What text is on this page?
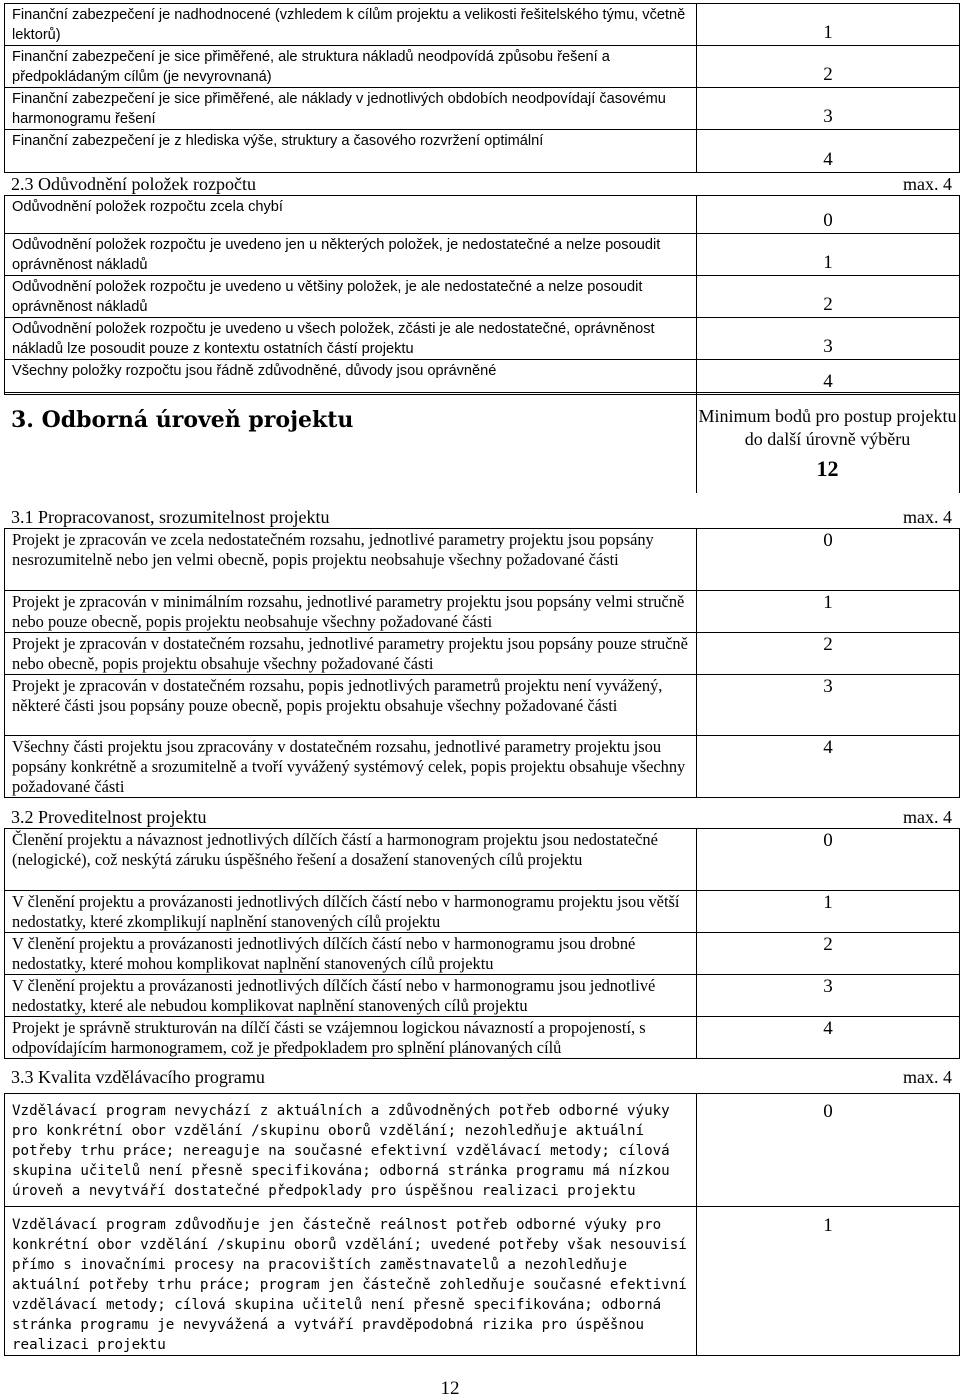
Finanční zabezpečení je nadhodnocené (vzhledem k cílům projektu a velikosti řešitelského týmu, včetně lektorů)	1
Finanční zabezpečení je sice přiměřené, ale struktura nákladů neodpovídá způsobu řešení a předpokládaným cílům (je nevyrovnaná)	2
Finanční zabezpečení je sice přiměřené, ale náklady v jednotlivých obdobích neodpovídají časovému harmonogramu řešení	3
Finanční zabezpečení je z hlediska výše, struktury a časového rozvržení optimální	4
2.3 Odůvodnění položek rozpočtu	max. 4
Odůvodnění položek rozpočtu zcela chybí	0
Odůvodnění položek rozpočtu je uvedeno jen u některých položek, je nedostatečné a nelze posoudit oprávněnost nákladů	1
Odůvodnění položek rozpočtu je uvedeno u většiny položek, je ale nedostatečné a nelze posoudit oprávněnost nákladů	2
Odůvodnění položek rozpočtu je uvedeno u všech položek, zčásti je ale nedostatečné, oprávněnost nákladů lze posoudit pouze z kontextu ostatních částí projektu	3
Všechny položky rozpočtu jsou řádně zdůvodněné, důvody jsou oprávněné	4
3. Odborná úroveň projektu	Minimum bodů pro postup projektu do další úrovně výběru
12
3.1 Propracovanost, srozumitelnost projektu	max. 4
Projekt je zpracován ve zcela nedostatečném rozsahu, jednotlivé parametry projektu jsou popsány nesrozumitelně nebo jen velmi obecně, popis projektu neobsahuje všechny požadované části	0
Projekt je zpracován v minimálním rozsahu, jednotlivé parametry projektu jsou popsány velmi stručně nebo pouze obecně, popis projektu neobsahuje všechny požadované části	1
Projekt je zpracován v dostatečném rozsahu, jednotlivé parametry projektu jsou popsány pouze stručně nebo obecně, popis projektu obsahuje všechny požadované části	2
Projekt je zpracován v dostatečném rozsahu, popis jednotlivých parametrů projektu není vyvážený, některé části jsou popsány pouze obecně, popis projektu obsahuje všechny požadované části	3
Všechny části projektu jsou zpracovány v dostatečném rozsahu, jednotlivé parametry projektu jsou popsány konkrétně a srozumitelně a tvoří vyvážený systémový celek, popis projektu obsahuje všechny požadované části	4
3.2 Proveditelnost projektu	max. 4
Členění projektu a návaznost jednotlivých dílčích částí a harmonogram projektu jsou nedostatečné (nelogické), což neskýtá záruku úspěšného řešení a dosažení stanovených cílů projektu	0
V členění projektu a provázanosti jednotlivých dílčích částí nebo v harmonogramu projektu jsou větší nedostatky, které zkomplikují naplnění stanovených cílů projektu	1
V členění projektu a provázanosti jednotlivých dílčích částí nebo v harmonogramu jsou drobné nedostatky, které mohou komplikovat naplnění stanovených cílů projektu	2
V členění projektu a provázanosti jednotlivých dílčích částí nebo v harmonogramu jsou jednotlivé nedostatky, které ale nebudou komplikovat naplnění stanovených cílů projektu	3
Projekt je správně strukturován na dílčí části se vzájemnou logickou návazností a propojeností, s odpovídajícím harmonogramem, což je předpokladem pro splnění plánovaných cílů	4
3.3 Kvalita vzdělávacího programu	max. 4
Vzdělávací program nevychází z aktuálních a zdůvodněných potřeb odborné výuky pro konkrétní obor vzdělání /skupinu oborů vzdělání; nezohledňuje aktuální potřeby trhu práce; nereaguje na současné efektivní vzdělávací metody; cílová skupina učitelů není přesně specifikována; odborná stránka programu má nízkou úroveň a nevytváří dostatečné předpoklady pro úspěšnou realizaci projektu	0
Vzdělávací program zdůvodňuje jen částečně reálnost potřeb odborné výuky pro konkrétní obor vzdělání /skupinu oborů vzdělání; uvedené potřeby však nesouvisí přímo s inovačními procesy na pracovištích zaměstnavatelů a nezohledňuje aktuální potřeby trhu práce; program jen částečně zohledňuje současné efektivní vzdělávací metody; cílová skupina učitelů není přesně specifikována; odborná stránka programu je nevyvážená a vytváří pravděpodobná rizika pro úspěšnou realizaci projektu	1
12
